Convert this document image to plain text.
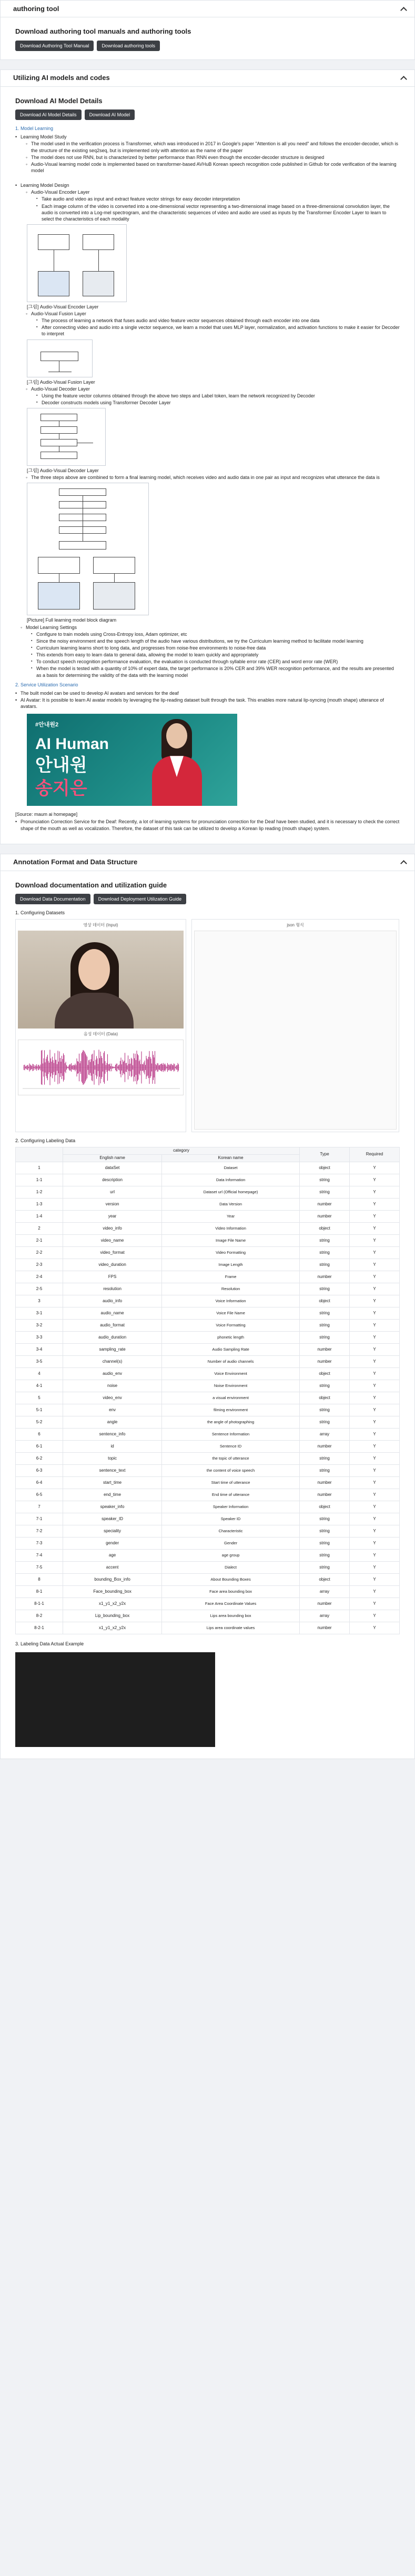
authoring tool
Download authoring tool manuals and authoring tools
Download Authoring Tool Manual	Download authoring tools
Utilizing AI models and codes
Download AI Model Details
Download AI Model Details	Download AI Model
1. Model Learning
• Learning Model Study
◦ The model used in the verification process is Transformer, which was introduced in 2017 in Google's paper "Attention is all you need" and follows the encoder-decoder, which is the structure of the existing seq2seq, but is implemented only with attention as the name of the paper
◦ The model does not use RNN, but is characterized by better performance than RNN even though the encoder-decoder structure is designed
◦ Audio-Visual learning model code is implemented based on transformer-based AVHuB Korean speech recognition code published in Github for code verification of the learning model
• Learning Model Design
◦ Audio-Visual Encoder Layer
▪ Take audio and video as input and extract feature vector strings for easy decoder interpretation
▪ Each image column of the video is converted into a one-dimensional vector representing a two-dimensional image based on a three-dimensional convolution layer, the audio is converted into a Log-mel spectrogram, and the characteristic sequences of video and audio are used as inputs by the Transformer Encoder Layer to learn to select the characteristics of each modality
[그림] Audio-Visual Encoder Layer
◦ Audio-Visual Fusion Layer
▪ The process of learning a network that fuses audio and video feature vector sequences obtained through each encoder into one data
▪ After connecting video and audio into a single vector sequence, we learn a model that uses MLP layer, normalization, and activation functions to make it easier for Decoder to interpret
[그림] Audio-Visual Fusion Layer
◦ Audio-Visual Decoder Layer
▪ Using the feature vector columns obtained through the above two steps and Label token, learn the network recognized by Decoder
▪ Decoder constructs models using Transformer Decoder Layer
[그림] Audio-Visual Decoder Layer
◦ The three steps above are combined to form a final learning model, which receives video and audio data in one pair as input and recognizes what utterance the data is
[Picture] Full learning model block diagram
◦ Model Learning Settings
▪ Configure to train models using Cross-Entropy loss, Adam optimizer, etc
▪ Since the noisy environment and the speech length of the audio have various distributions, we try the Curriculum learning method to facilitate model learning
▪ Curriculum learning learns short to long data, and progresses from noise-free environments to noise-free data
▪ This extends from easy to learn data to general data, allowing the model to learn quickly and appropriately
▪ To conduct speech recognition performance evaluation, the evaluation is conducted through syllable error rate (CER) and word error rate (WER)
▪ When the model is tested with a quantity of 10% of expert data, the target performance is 20% CER and 39% WER recognition performance, and the results are presented as a basis for determining the validity of the data with the learning model
2. Service Utilization Scenario
• The built model can be used to develop AI avatars and services for the deaf
• AI Avatar: It is possible to learn AI avatar models by leveraging the lip-reading dataset built through the task. This enables more natural lip-syncing (mouth shape) utterance of avatars.
#안내원2
AI Human
안내원
송지은
[Source: maum ai homepage]
• Pronunciation Correction Service for the Deaf: Recently, a lot of learning systems for pronunciation correction for the Deaf have been studied, and it is necessary to check the correct shape of the mouth as well as vocalization. Therefore, the dataset of this task can be utilized to develop a Korean lip reading (mouth shape) system.
Annotation Format and Data Structure
Download documentation and utilization guide
Download Data Documentation	Download Deployment Utilization Guide
1. Configuring Datasets
영상 데이터 (Input)
음성 데이터 (Data)
json 형식
2. Configuring Labeling Data
	category		Type	Required
	English name	Korean name		
1	dataSet	Dataset	object	Y
1-1	description	Data Information	string	Y
1-2	url	Dataset url (Official homepage)	string	Y
1-3	version	Data Version	number	Y
1-4	year	Year	number	Y
2	video_info	Video Information	object	Y
2-1	video_name	Image File Name	string	Y
2-2	video_format	Video Formatting	string	Y
2-3	video_duration	Image Length	string	Y
2-4	FPS	Frame	number	Y
2-5	resolution	Resolution	string	Y
3	audio_info	Voice Information	object	Y
3-1	audio_name	Voice File Name	string	Y
3-2	audio_format	Voice Formatting	string	Y
3-3	audio_duration	phonetic length	string	Y
3-4	sampling_rate	Audio Sampling Rate	number	Y
3-5	channel(s)	Number of audio channels	number	Y
4	audio_env	Voice Environment	object	Y
4-1	noise	Noise Environment	string	Y
5	video_env	a visual environment	object	Y
5-1	env	filming environment	string	Y
5-2	angle	the angle of photographing	string	Y
6	sentence_info	Sentence Information	array	Y
6-1	id	Sentence ID	number	Y
6-2	topic	the topic of utterance	string	Y
6-3	sentence_text	the content of voice speech	string	Y
6-4	start_time	Start time of utterance	number	Y
6-5	end_time	End time of utterance	number	Y
7	speaker_info	Speaker Information	object	Y
7-1	speaker_ID	Speaker ID	string	Y
7-2	speciality	Characteristic	string	Y
7-3	gender	Gender	string	Y
7-4	age	age group	string	Y
7-5	accent	Dialect	string	Y
8	bounding_Box_info	About Bounding Boxes	object	Y
8-1	Face_bounding_box	Face area bounding box	array	Y
8-1-1	x1_y1_x2_y2x	Face Area Coordinate Values	number	Y
8-2	Lip_bounding_box	Lips area bounding box	array	Y
8-2-1	x1_y1_x2_y2x	Lips area coordinate values	number	Y
3. Labeling Data Actual Example
